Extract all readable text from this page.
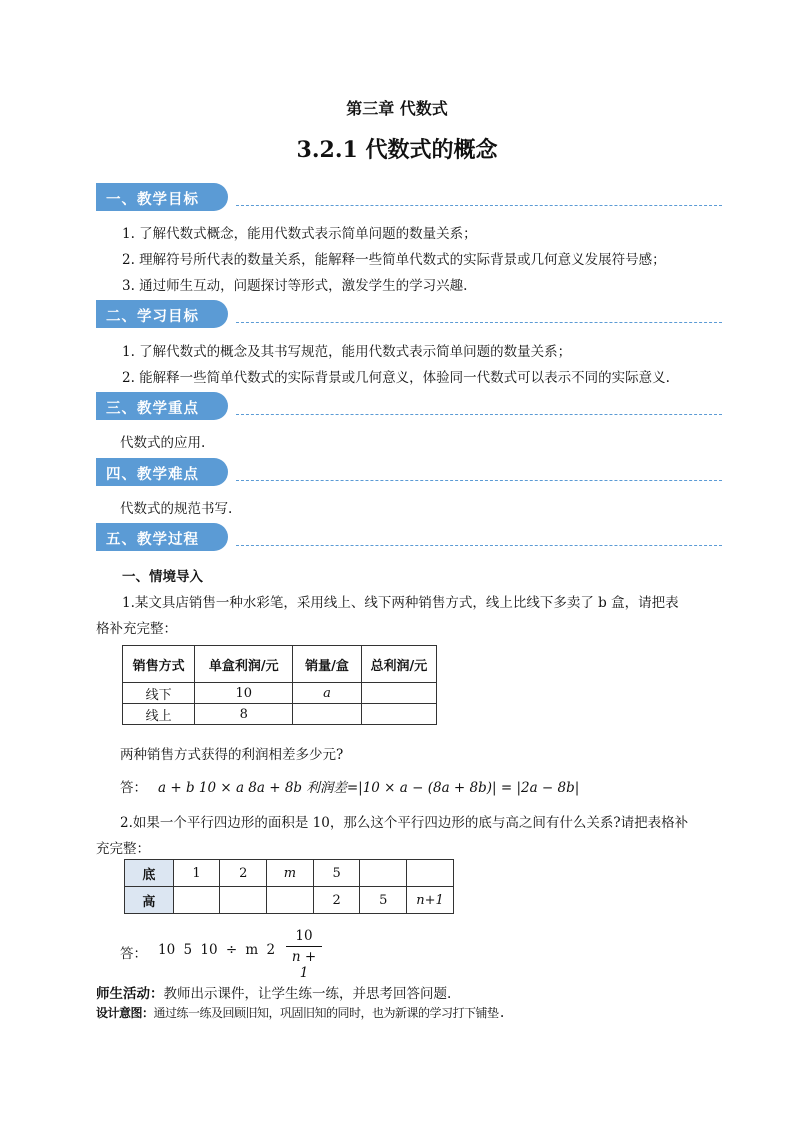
第三章 代数式
3.2.1 代数式的概念
一、教学目标
1. 了解代数式概念，能用代数式表示简单问题的数量关系；
2. 理解符号所代表的数量关系，能解释一些简单代数式的实际背景或几何意义发展符号感；
3. 通过师生互动，问题探讨等形式，激发学生的学习兴趣.
二、学习目标
1. 了解代数式的概念及其书写规范，能用代数式表示简单问题的数量关系；
2. 能解释一些简单代数式的实际背景或几何意义，体验同一代数式可以表示不同的实际意义.
三、教学重点
代数式的应用.
四、教学难点
代数式的规范书写.
五、教学过程
一、情境导入
1.某文具店销售一种水彩笔，采用线上、线下两种销售方式，线上比线下多卖了 b 盒，请把表
格补充完整：
销售方式	单盒利润/元	销量/盒	总利润/元
线下	10	a	
线上	8		
两种销售方式获得的利润相差多少元?
答： a + b 10 × a 8a + 8b 利润差=|10 × a − (8a + 8b)| = |2a − 8b|
2.如果一个平行四边形的面积是 10，那么这个平行四边形的底与高之间有什么关系?请把表格补
充完整：
底	1	2	m	5		
高				2	5	n+1
答： 10 5 10 ÷ m 2
10
n + 1
师生活动：教师出示课件，让学生练一练，并思考回答问题.
设计意图：通过练一练及回顾旧知，巩固旧知的同时，也为新课的学习打下铺垫.
